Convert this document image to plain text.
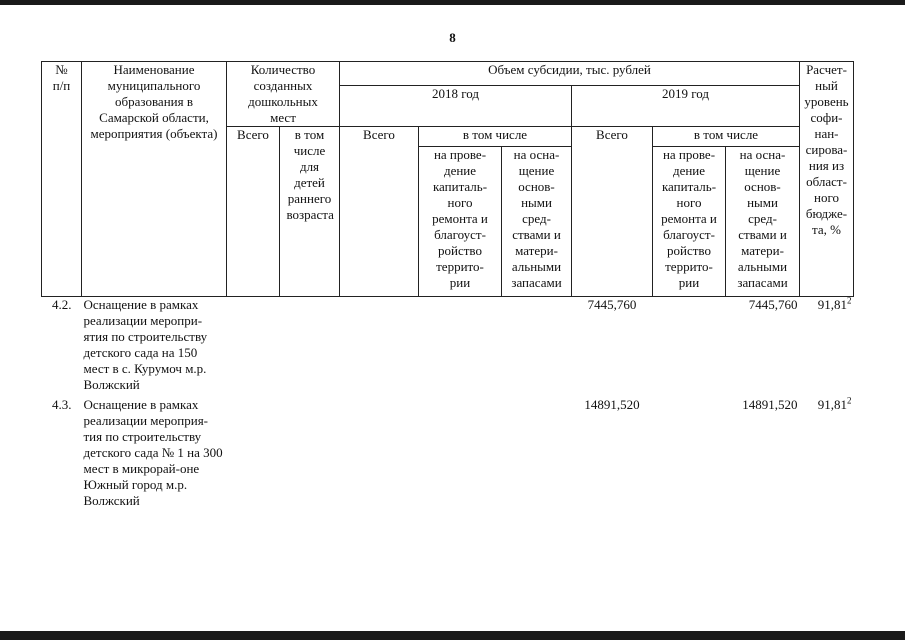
8
№ п/п	Наименование муниципального образования в Самарской области, мероприятия (объекта)	Количество созданных дошкольных мест		Объем субсидии, тыс. рублей						Расчет-ный уровень софи-нан-сирова-ния из област-ного бюдже-та, %

				2018 год			2019 год			
		Всего	в том числе для детей раннего возраста	Всего	в том числе		Всего	в том числе		

					на прове-дение капиталь-ного ремонта и благоуст-ройство террито-рии	на осна-щение основ-ными сред-ствами и матери-альными запасами		на прове-дение капиталь-ного ремонта и благоуст-ройство террито-рии	на осна-щение основ-ными сред-ствами и матери-альными запасами	

4.2.	Оснащение в рамках реализации меропри-ятия по строительству детского сада на 150 мест в с. Курумоч м.р. Волжский						7445,760		7445,760	91,81$^2$
4.3.	Оснащение в рамках реализации мероприя-тия по строительству детского сада № 1 на 300 мест в микрорай-оне Южный город м.р. Волжский						14891,520		14891,520	91,81$^2$
